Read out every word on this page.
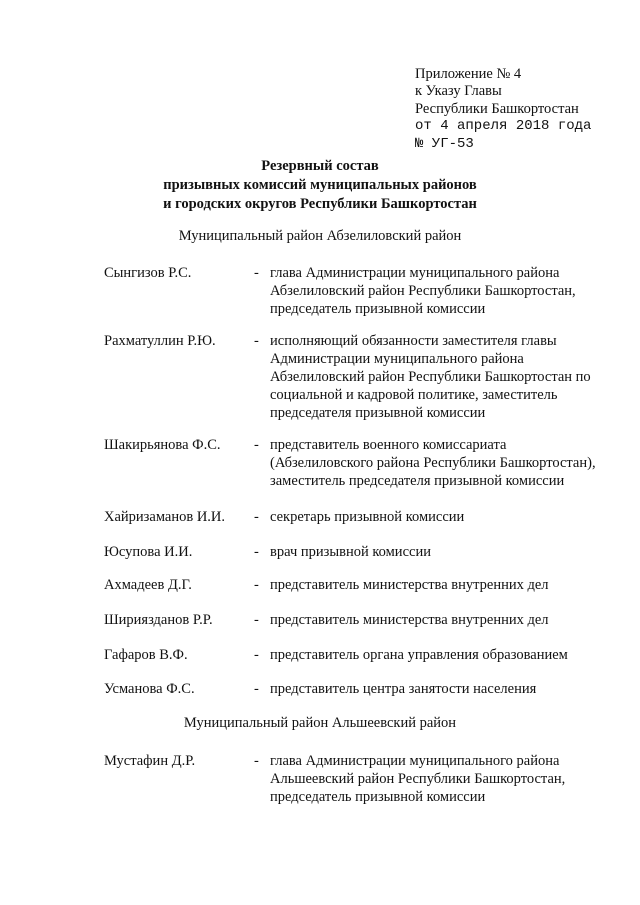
Приложение № 4
к Указу Главы
Республики Башкортостан
от 4 апреля 2018 года
№ УГ-53
Резервный состав
призывных комиссий муниципальных районов
и городских округов Республики Башкортостан
Муниципальный район Абзелиловский район
Сынгизов Р.С.	- глава Администрации муниципального района
Абзелиловский район Республики Башкортостан,
председатель призывной комиссии
Рахматуллин Р.Ю.	- исполняющий обязанности заместителя главы
Администрации муниципального района
Абзелиловский район Республики Башкортостан по
социальной и кадровой политике, заместитель
председателя призывной комиссии
Шакирьянова Ф.С. - представитель военного комиссариата
(Абзелиловского района Республики Башкортостан),
заместитель председателя призывной комиссии
Хайризаманов И.И. - секретарь призывной комиссии
Юсупова И.И.	- врач призывной комиссии
Ахмадеев Д.Г.	- представитель министерства внутренних дел
Шириязданов Р.Р.	- представитель министерства внутренних дел
Гафаров В.Ф.	- представитель органа управления образованием
Усманова Ф.С.	- представитель центра занятости населения
Муниципальный район Альшеевский район
Мустафин Д.Р.	- глава Администрации муниципального района
Альшеевский район Республики Башкортостан,
председатель призывной комиссии
